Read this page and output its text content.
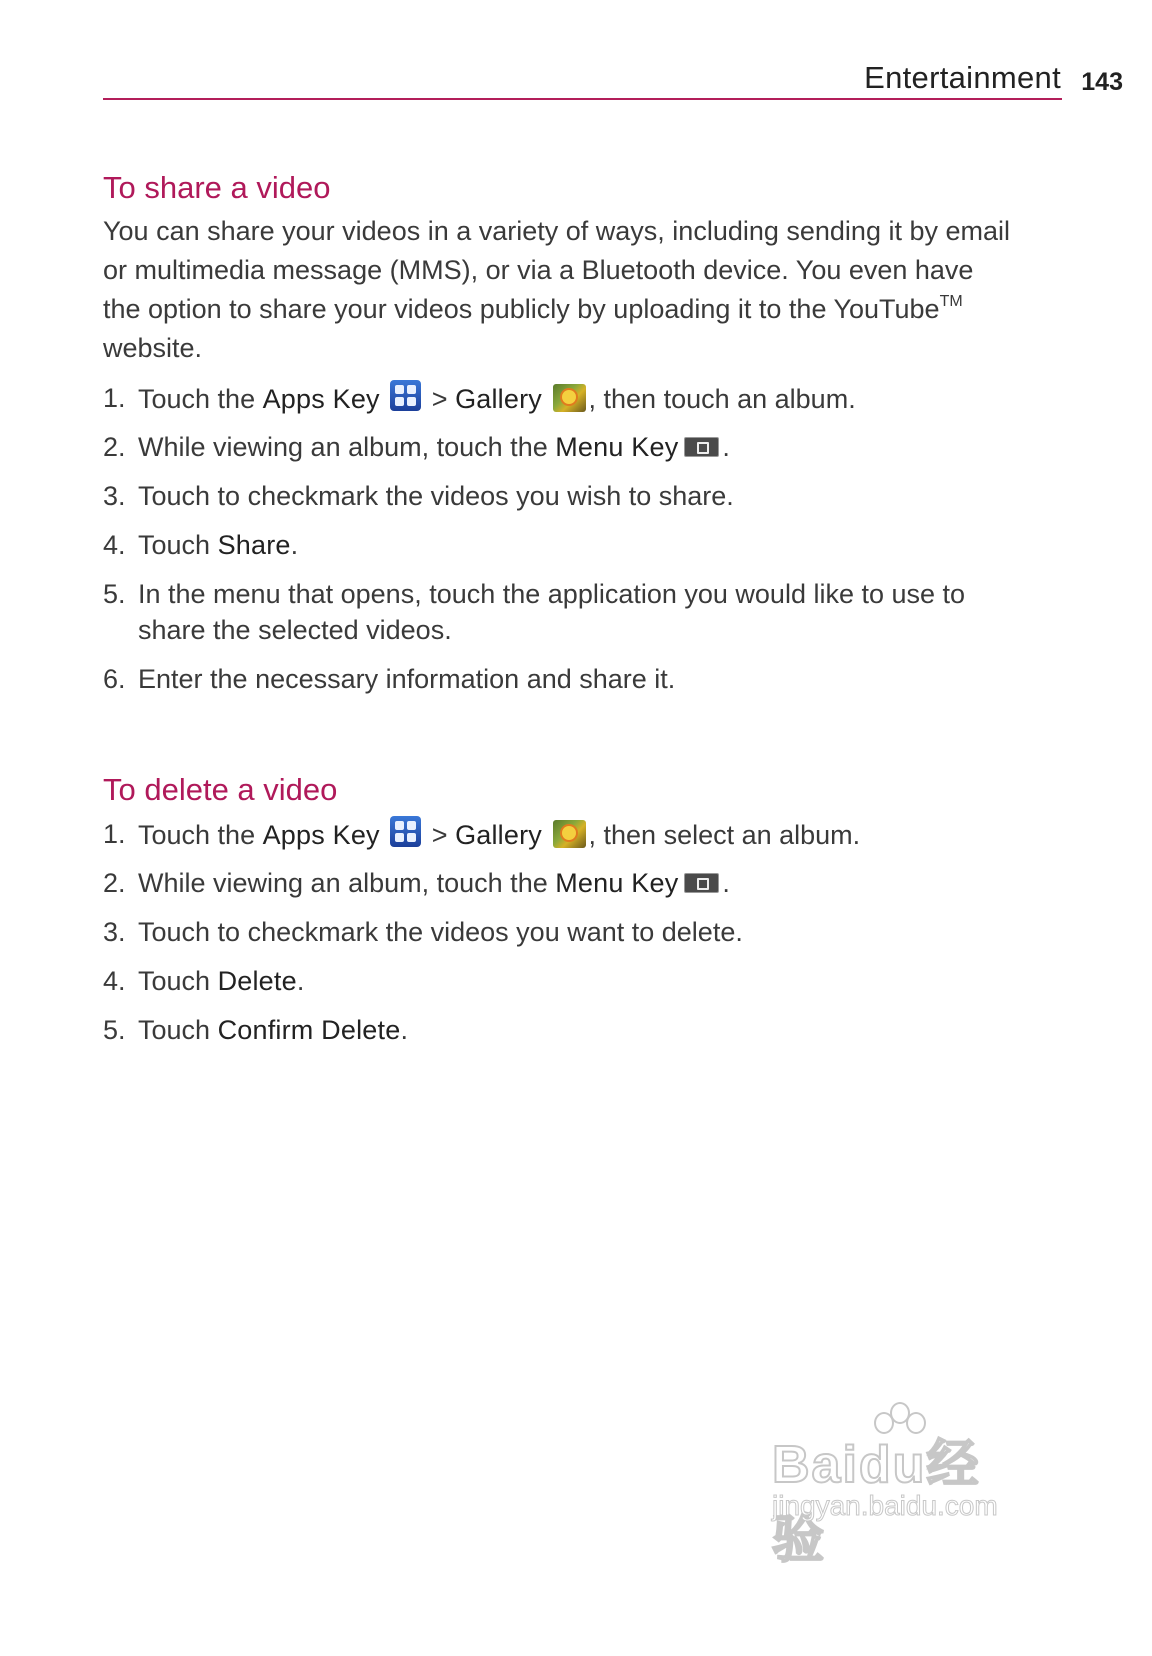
Entertainment 143
To share a video

You can share your videos in a variety of ways, including sending it by email
or multimedia message (MMS), or via a Bluetooth device. You even have
the option to share your videos publicly by uploading it to the YouTube™
website.

1. Touch the Apps Key
> Gallery , then touch an album.
2. While viewing an album, touch the Menu Key .
3. Touch to checkmark the videos you wish to share.
4. Touch Share.
5. In the menu that opens, touch the application you would like to use to
share the selected videos.
6. Enter the necessary information and share it.
To delete a video
1. Touch the Apps Key
> Gallery , then select an album.
2. While viewing an album, touch the Menu Key .
3. Touch to checkmark the videos you want to delete.
4. Touch Delete.
5. Touch Confirm Delete.
Baidu经验
jingyan.baidu.com
